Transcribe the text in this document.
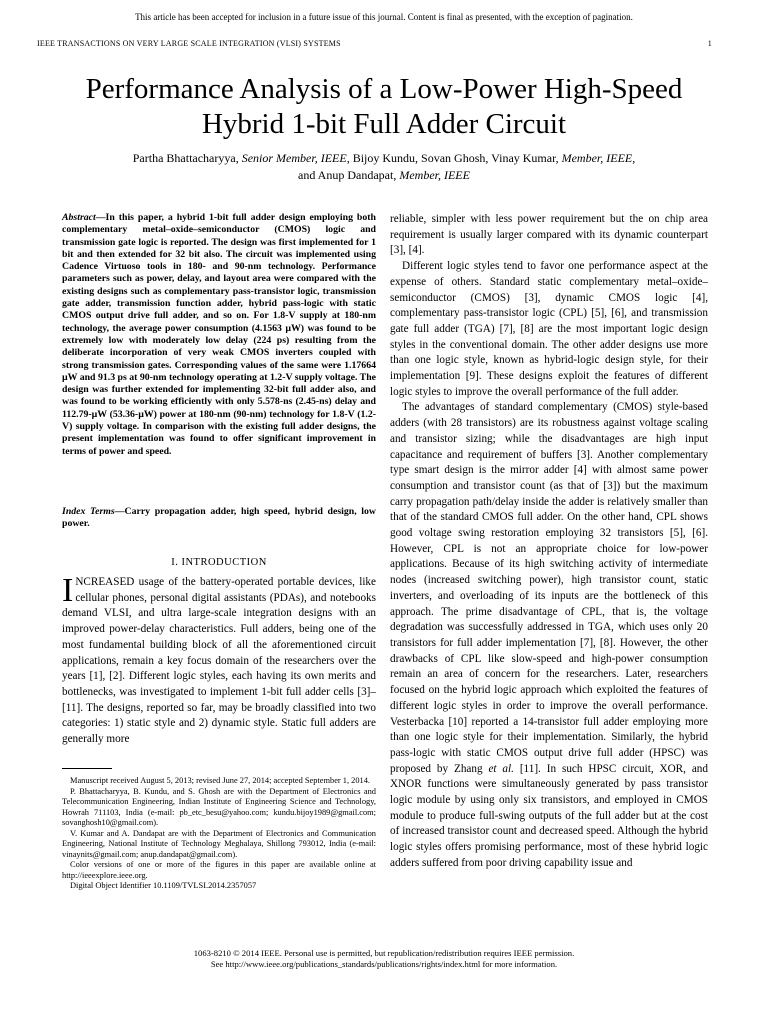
This article has been accepted for inclusion in a future issue of this journal. Content is final as presented, with the exception of pagination.
IEEE TRANSACTIONS ON VERY LARGE SCALE INTEGRATION (VLSI) SYSTEMS	1
Performance Analysis of a Low-Power High-Speed
Hybrid 1-bit Full Adder Circuit
Partha Bhattacharyya, Senior Member, IEEE, Bijoy Kundu, Sovan Ghosh, Vinay Kumar, Member, IEEE,
and Anup Dandapat, Member, IEEE
Abstract—In this paper, a hybrid 1-bit full adder design employing both complementary metal–oxide–semiconductor (CMOS) logic and transmission gate logic is reported. The design was first implemented for 1 bit and then extended for 32 bit also. The circuit was implemented using Cadence Virtuoso tools in 180- and 90-nm technology. Performance parameters such as power, delay, and layout area were compared with the existing designs such as complementary pass-transistor logic, transmission gate adder, transmission function adder, hybrid pass-logic with static CMOS output drive full adder, and so on. For 1.8-V supply at 180-nm technology, the average power consumption (4.1563 µW) was found to be extremely low with moderately low delay (224 ps) resulting from the deliberate incorporation of very weak CMOS inverters coupled with strong transmission gates. Corresponding values of the same were 1.17664 µW and 91.3 ps at 90-nm technology operating at 1.2-V supply voltage. The design was further extended for implementing 32-bit full adder also, and was found to be working efficiently with only 5.578-ns (2.45-ns) delay and 112.79-µW (53.36-µW) power at 180-nm (90-nm) technology for 1.8-V (1.2-V) supply voltage. In comparison with the existing full adder designs, the present implementation was found to offer significant improvement in terms of power and speed.
Index Terms—Carry propagation adder, high speed, hybrid design, low power.
I. INTRODUCTION
INCREASED usage of the battery-operated portable devices, like cellular phones, personal digital assistants (PDAs), and notebooks demand VLSI, and ultra large-scale integration designs with an improved power-delay characteristics. Full adders, being one of the most fundamental building block of all the aforementioned circuit applications, remain a key focus domain of the researchers over the years [1], [2]. Different logic styles, each having its own merits and bottlenecks, was investigated to implement 1-bit full adder cells [3]–[11]. The designs, reported so far, may be broadly classified into two categories: 1) static style and 2) dynamic style. Static full adders are generally more

Manuscript received August 5, 2013; revised June 27, 2014; accepted September 1, 2014.

P. Bhattacharyya, B. Kundu, and S. Ghosh are with the Department of Electronics and Telecommunication Engineering, Indian Institute of Engineering Science and Technology, Howrah 711103, India (e-mail: pb_etc_besu@yahoo.com; kundu.bijoy1989@gmail.com; sovanghosh10@gmail.com).

V. Kumar and A. Dandapat are with the Department of Electronics and Communication Engineering, National Institute of Technology Meghalaya, Shillong 793012, India (e-mail: vinaynits@gmail.com; anup.dandapat@gmail.com).

Color versions of one or more of the figures in this paper are available online at http://ieeexplore.ieee.org.

Digital Object Identifier 10.1109/TVLSI.2014.2357057

reliable, simpler with less power requirement but the on chip area requirement is usually larger compared with its dynamic counterpart [3], [4].

Different logic styles tend to favor one performance aspect at the expense of others. Standard static complementary metal–oxide–semiconductor (CMOS) [3], dynamic CMOS logic [4], complementary pass-transistor logic (CPL) [5], [6], and transmission gate full adder (TGA) [7], [8] are the most important logic design styles in the conventional domain. The other adder designs use more than one logic style, known as hybrid-logic design style, for their implementation [9]. These designs exploit the features of different logic styles to improve the overall performance of the full adder.

The advantages of standard complementary (CMOS) style-based adders (with 28 transistors) are its robustness against voltage scaling and transistor sizing; while the disadvantages are high input capacitance and requirement of buffers [3]. Another complementary type smart design is the mirror adder [4] with almost same power consumption and transistor count (as that of [3]) but the maximum carry propagation path/delay inside the adder is relatively smaller than that of the standard CMOS full adder. On the other hand, CPL shows good voltage swing restoration employing 32 transistors [5], [6]. However, CPL is not an appropriate choice for low-power applications. Because of its high switching activity of intermediate nodes (increased switching power), high transistor count, static inverters, and overloading of its inputs are the bottleneck of this approach. The prime disadvantage of CPL, that is, the voltage degradation was successfully addressed in TGA, which uses only 20 transistors for full adder implementation [7], [8]. However, the other drawbacks of CPL like slow-speed and high-power consumption remain an area of concern for the researchers. Later, researchers focused on the hybrid logic approach which exploited the features of different logic styles in order to improve the overall performance. Vesterbacka [10] reported a 14-transistor full adder employing more than one logic style for their implementation. Similarly, the hybrid pass-logic with static CMOS output drive full adder (HPSC) was proposed by Zhang et al. [11]. In such HPSC circuit, XOR, and XNOR functions were simultaneously generated by pass transistor logic module by using only six transistors, and employed in CMOS module to produce full-swing outputs of the full adder but at the cost of increased transistor count and decreased speed. Although the hybrid logic styles offers promising performance, most of these hybrid logic adders suffered from poor driving capability issue and

1063-8210 © 2014 IEEE. Personal use is permitted, but republication/redistribution requires IEEE permission.
See http://www.ieee.org/publications_standards/publications/rights/index.html for more information.
